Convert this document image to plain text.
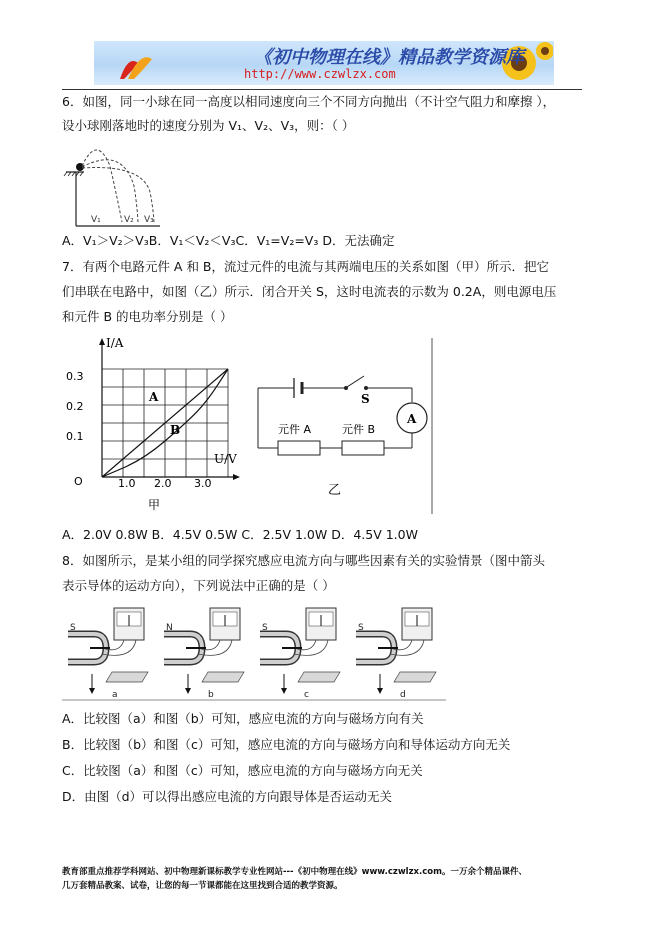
《初中物理在线》精品教学资源库
http://www.czwlzx.com
6．如图，同一小球在同一高度以相同速度向三个不同方向抛出（不计空气阻力和摩擦 ），
设小球刚落地时的速度分别为 V₁、V₂、V₃，则：（ ）
V₁	V₂ V₃
A．V₁＞V₂＞V₃B．V₁＜V₂＜V₃C．V₁=V₂=V₃ D．无法确定
7．有两个电路元件 A 和 B，流过元件的电流与其两端电压的关系如图（甲）所示．把它
们串联在电路中，如图（乙）所示．闭合开关 S，这时电流表的示数为 0.2A，则电源电压
和元件 B 的电功率分别是（ ）
I/A
U/V
O	1.0 2.0 3.0
0.3
0.2
0.1
A
B
甲
S
A
元件 A	元件 B
乙
A．2.0V 0.8W B．4.5V 0.5W C．2.5V 1.0W D．4.5V 1.0W
8．如图所示，是某小组的同学探究感应电流方向与哪些因素有关的实验情景（图中箭头
表示导体的运动方向），下列说法中正确的是（ ）
S
a
N
b
S
c
S
d
A．比较图（a）和图（b）可知，感应电流的方向与磁场方向有关
B．比较图（b）和图（c）可知，感应电流的方向与磁场方向和导体运动方向无关
C．比较图（a）和图（c）可知，感应电流的方向与磁场方向无关
D．由图（d）可以得出感应电流的方向跟导体是否运动无关
教育部重点推荐学科网站、初中物理新课标教学专业性网站---《初中物理在线》www.czwlzx.com。一万余个精品课件、
几万套精品教案、试卷，让您的每一节课都能在这里找到合适的教学资源。
